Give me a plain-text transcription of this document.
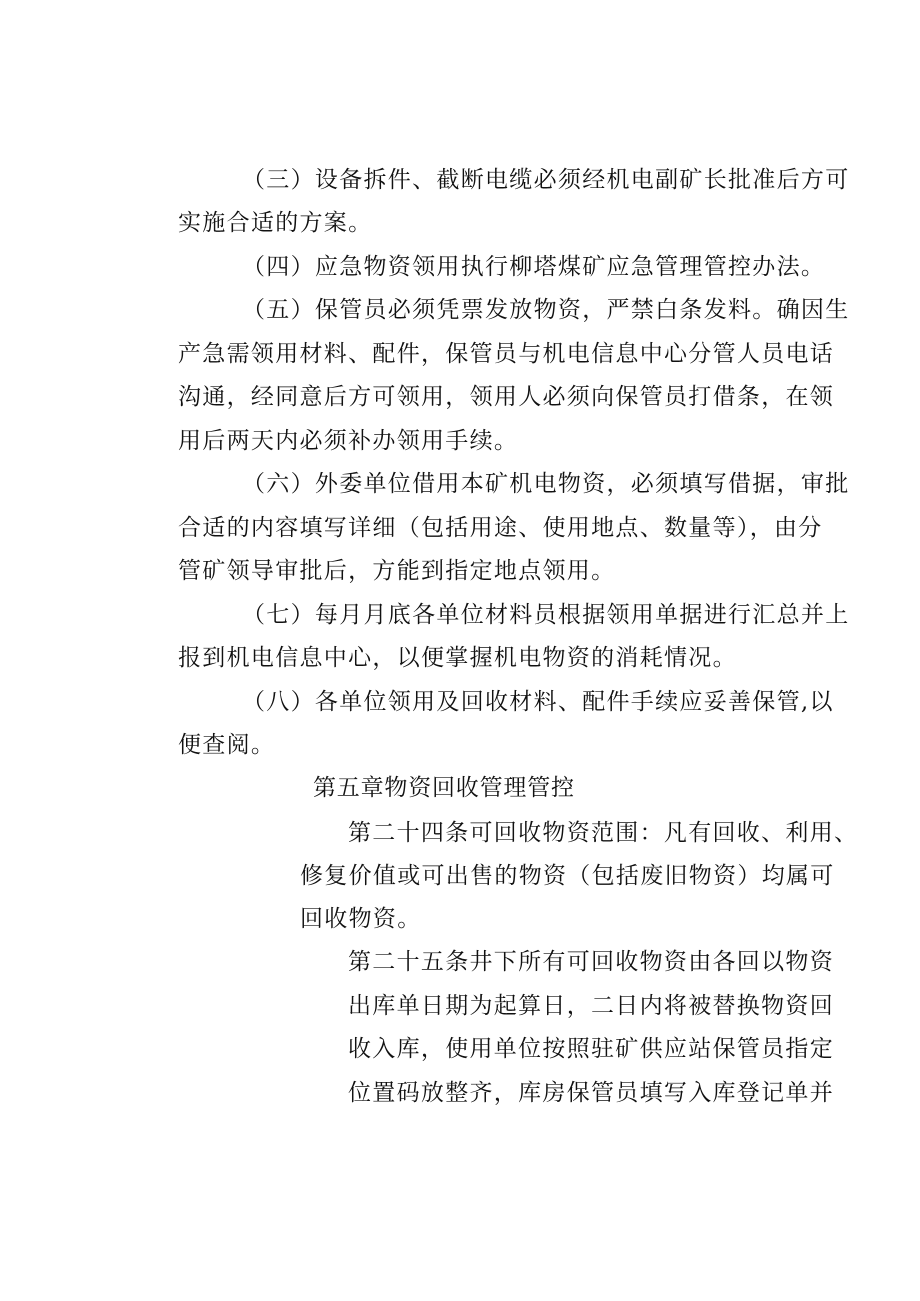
（三）设备拆件、截断电缆必须经机电副矿长批准后方可
实施合适的方案。
（四）应急物资领用执行柳塔煤矿应急管理管控办法。
（五）保管员必须凭票发放物资，严禁白条发料。确因生
产急需领用材料、配件，保管员与机电信息中心分管人员电话
沟通，经同意后方可领用，领用人必须向保管员打借条，在领
用后两天内必须补办领用手续。
（六）外委单位借用本矿机电物资，必须填写借据，审批
合适的内容填写详细（包括用途、使用地点、数量等），由分
管矿领导审批后，方能到指定地点领用。
（七）每月月底各单位材料员根据领用单据进行汇总并上
报到机电信息中心，以便掌握机电物资的消耗情况。
（八）各单位领用及回收材料、配件手续应妥善保管,以
便查阅。
第五章物资回收管理管控
第二十四条可回收物资范围：凡有回收、利用、
修复价值或可出售的物资（包括废旧物资）均属可
回收物资。
第二十五条井下所有可回收物资由各回以物资
出库单日期为起算日，二日内将被替换物资回
收入库，使用单位按照驻矿供应站保管员指定
位置码放整齐，库房保管员填写入库登记单并
